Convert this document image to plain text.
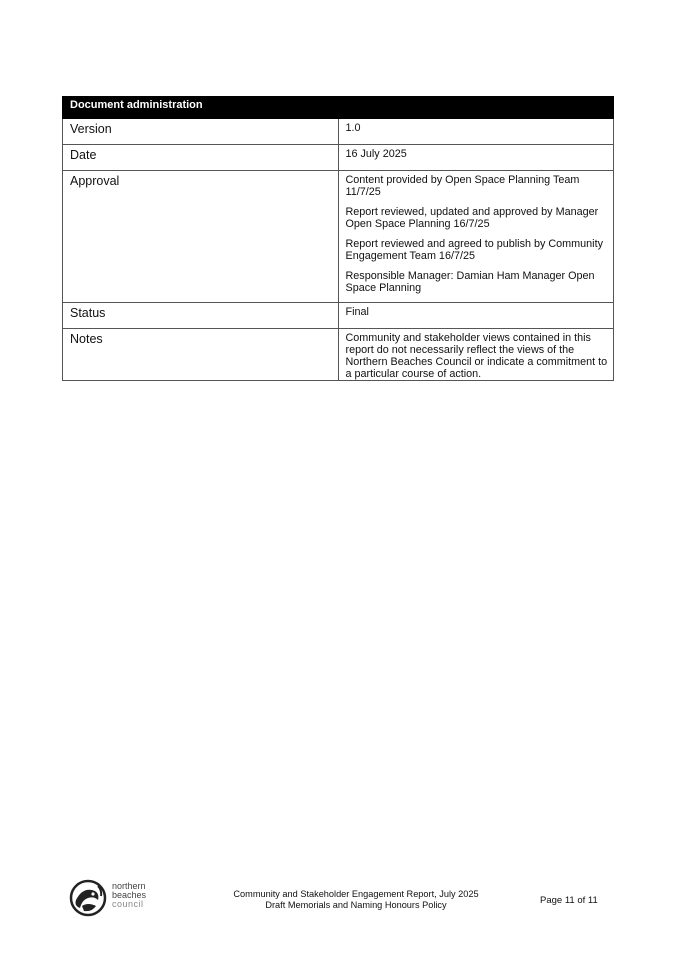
Document administration	
Version	1.0
Date	16 July 2025
Approval	Content provided by Open Space Planning Team 11/7/25
Report reviewed, updated and approved by Manager Open Space Planning 16/7/25
Report reviewed and agreed to publish by Community Engagement Team 16/7/25
Responsible Manager: Damian Ham Manager Open Space Planning

Status	Final
Notes	Community and stakeholder views contained in this report do not necessarily reflect the views of the Northern Beaches Council or indicate a commitment to a particular course of action.
northern
beaches
council
Community and Stakeholder Engagement Report, July 2025
Draft Memorials and Naming Honours Policy	Page 11 of 11
